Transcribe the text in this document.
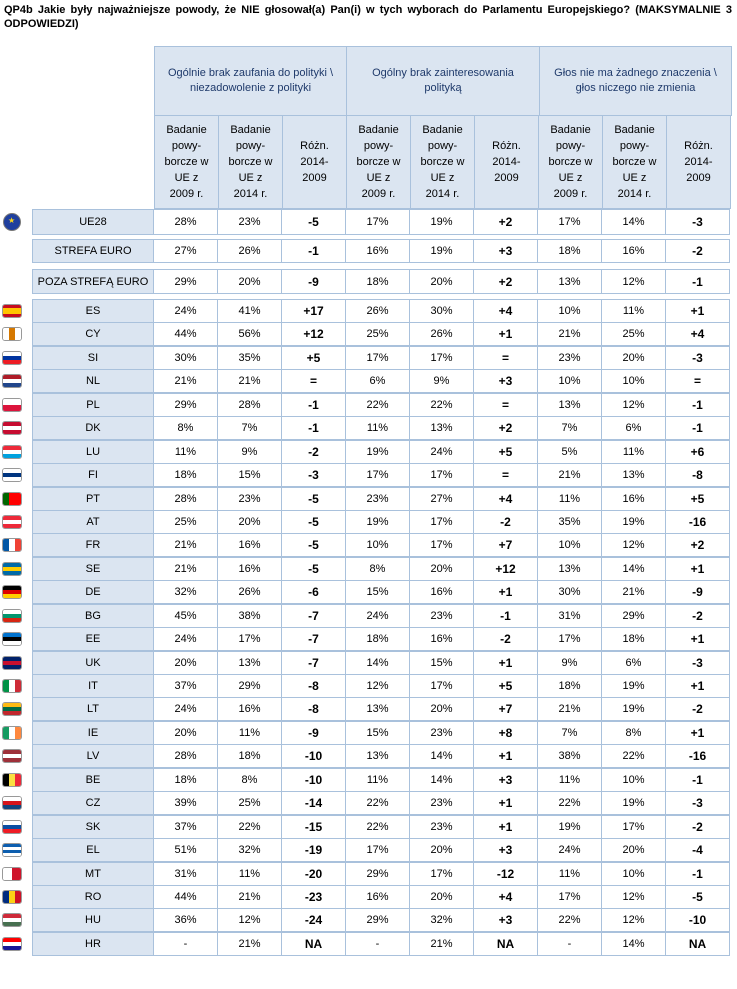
QP4b Jakie były najważniejsze powody, że NIE głosował(a) Pan(i) w tych wyborach do Parlamentu Europejskiego? (MAKSYMALNIE 3 ODPOWIEDZI)
Ogólnie brak zaufania do polityki \ niezadowolenie z polityki
Ogólny brak zainteresowania polityką
Głos nie ma żadnego znaczenia \ głos niczego nie zmienia
Badanie powy-borcze w UE z 2009 r.
Badanie powy-borcze w UE z 2014 r.
Różn. 2014-2009
Badanie powy-borcze w UE z 2009 r.
Badanie powy-borcze w UE z 2014 r.
Różn. 2014-2009
Badanie powy-borcze w UE z 2009 r.
Badanie powy-borcze w UE z 2014 r.
Różn. 2014-2009
UE28	28%	23%	-5	17%	19%	+2	17%	14%	-3
★
STREFA EURO	27%	26%	-1	16%	19%	+3	18%	16%	-2
POZA STREFĄ EURO	29%	20%	-9	18%	20%	+2	13%	12%	-1
ES	24%	41%	+17	26%	30%	+4	10%	11%	+1
CY	44%	56%	+12	25%	26%	+1	21%	25%	+4
SI	30%	35%	+5	17%	17%	=	23%	20%	-3
NL	21%	21%	=	6%	9%	+3	10%	10%	=
PL	29%	28%	-1	22%	22%	=	13%	12%	-1
DK	8%	7%	-1	11%	13%	+2	7%	6%	-1
LU	11%	9%	-2	19%	24%	+5	5%	11%	+6
FI	18%	15%	-3	17%	17%	=	21%	13%	-8
PT	28%	23%	-5	23%	27%	+4	11%	16%	+5
AT	25%	20%	-5	19%	17%	-2	35%	19%	-16
FR	21%	16%	-5	10%	17%	+7	10%	12%	+2
SE	21%	16%	-5	8%	20%	+12	13%	14%	+1
DE	32%	26%	-6	15%	16%	+1	30%	21%	-9
BG	45%	38%	-7	24%	23%	-1	31%	29%	-2
EE	24%	17%	-7	18%	16%	-2	17%	18%	+1
UK	20%	13%	-7	14%	15%	+1	9%	6%	-3
IT	37%	29%	-8	12%	17%	+5	18%	19%	+1
LT	24%	16%	-8	13%	20%	+7	21%	19%	-2
IE	20%	11%	-9	15%	23%	+8	7%	8%	+1
LV	28%	18%	-10	13%	14%	+1	38%	22%	-16
BE	18%	8%	-10	11%	14%	+3	11%	10%	-1
CZ	39%	25%	-14	22%	23%	+1	22%	19%	-3
SK	37%	22%	-15	22%	23%	+1	19%	17%	-2
EL	51%	32%	-19	17%	20%	+3	24%	20%	-4
MT	31%	11%	-20	29%	17%	-12	11%	10%	-1
RO	44%	21%	-23	16%	20%	+4	17%	12%	-5
HU	36%	12%	-24	29%	32%	+3	22%	12%	-10
HR	-	21%	NA	-	21%	NA	-	14%	NA
